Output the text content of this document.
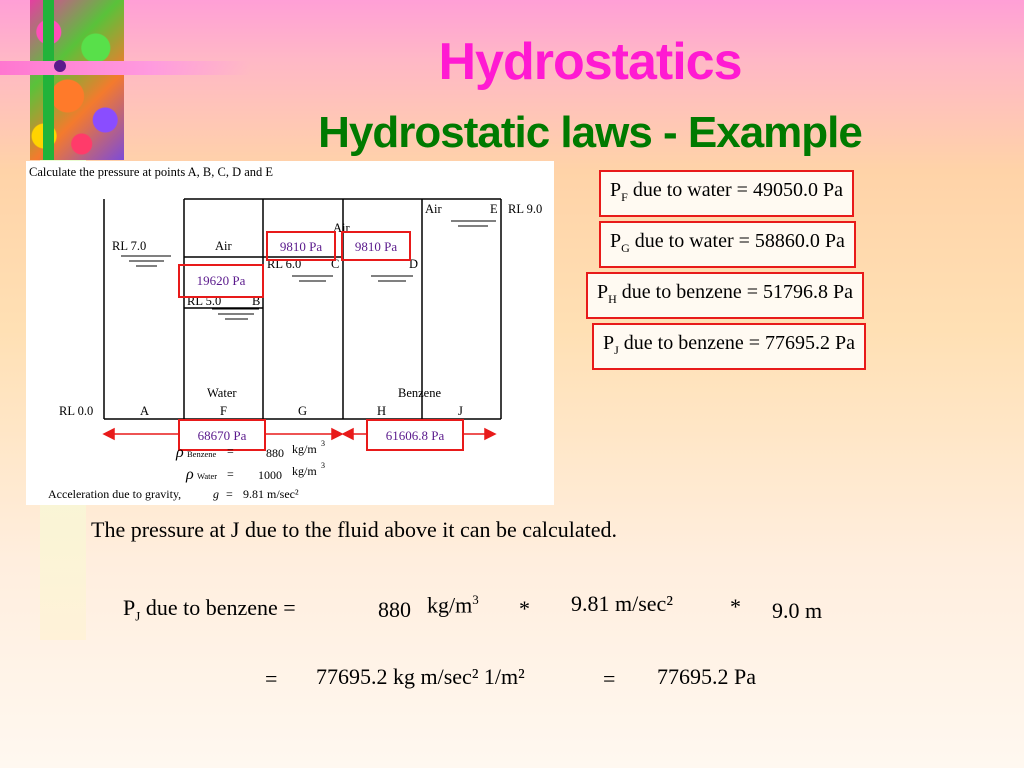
Hydrostatics
Hydrostatic laws - Example
Calculate the pressure at points A, B, C, D and E
RL 9.0
RL 7.0
RL 6.0
RL 5.0
RL 0.0
Air
Air
Air
Water	Benzene
A
B
C	D
E
F	G	H	J
9810 Pa	9810 Pa
19620 Pa
68670 Pa	61606.8 Pa
ρ Benzene =	880 kg/m 3
ρ Water = 1000 kg/m 3
Acceleration due to gravity,	g = 9.81 m/sec²
$P_F$ due to water = 49050.0 Pa
$P_G$ due to water = 58860.0 Pa
$P_H$ due to benzene = 51796.8 Pa
$P_J$ due to benzene = 77695.2 Pa
The pressure at J due to the fluid above it can be calculated.
$P_J$ due to benzene =	880 $kg/m^3 * 9.81$ m/sec²	* 9.0 m
= 77695.2 kg m/sec² 1/m²	= 77695.2 Pa
